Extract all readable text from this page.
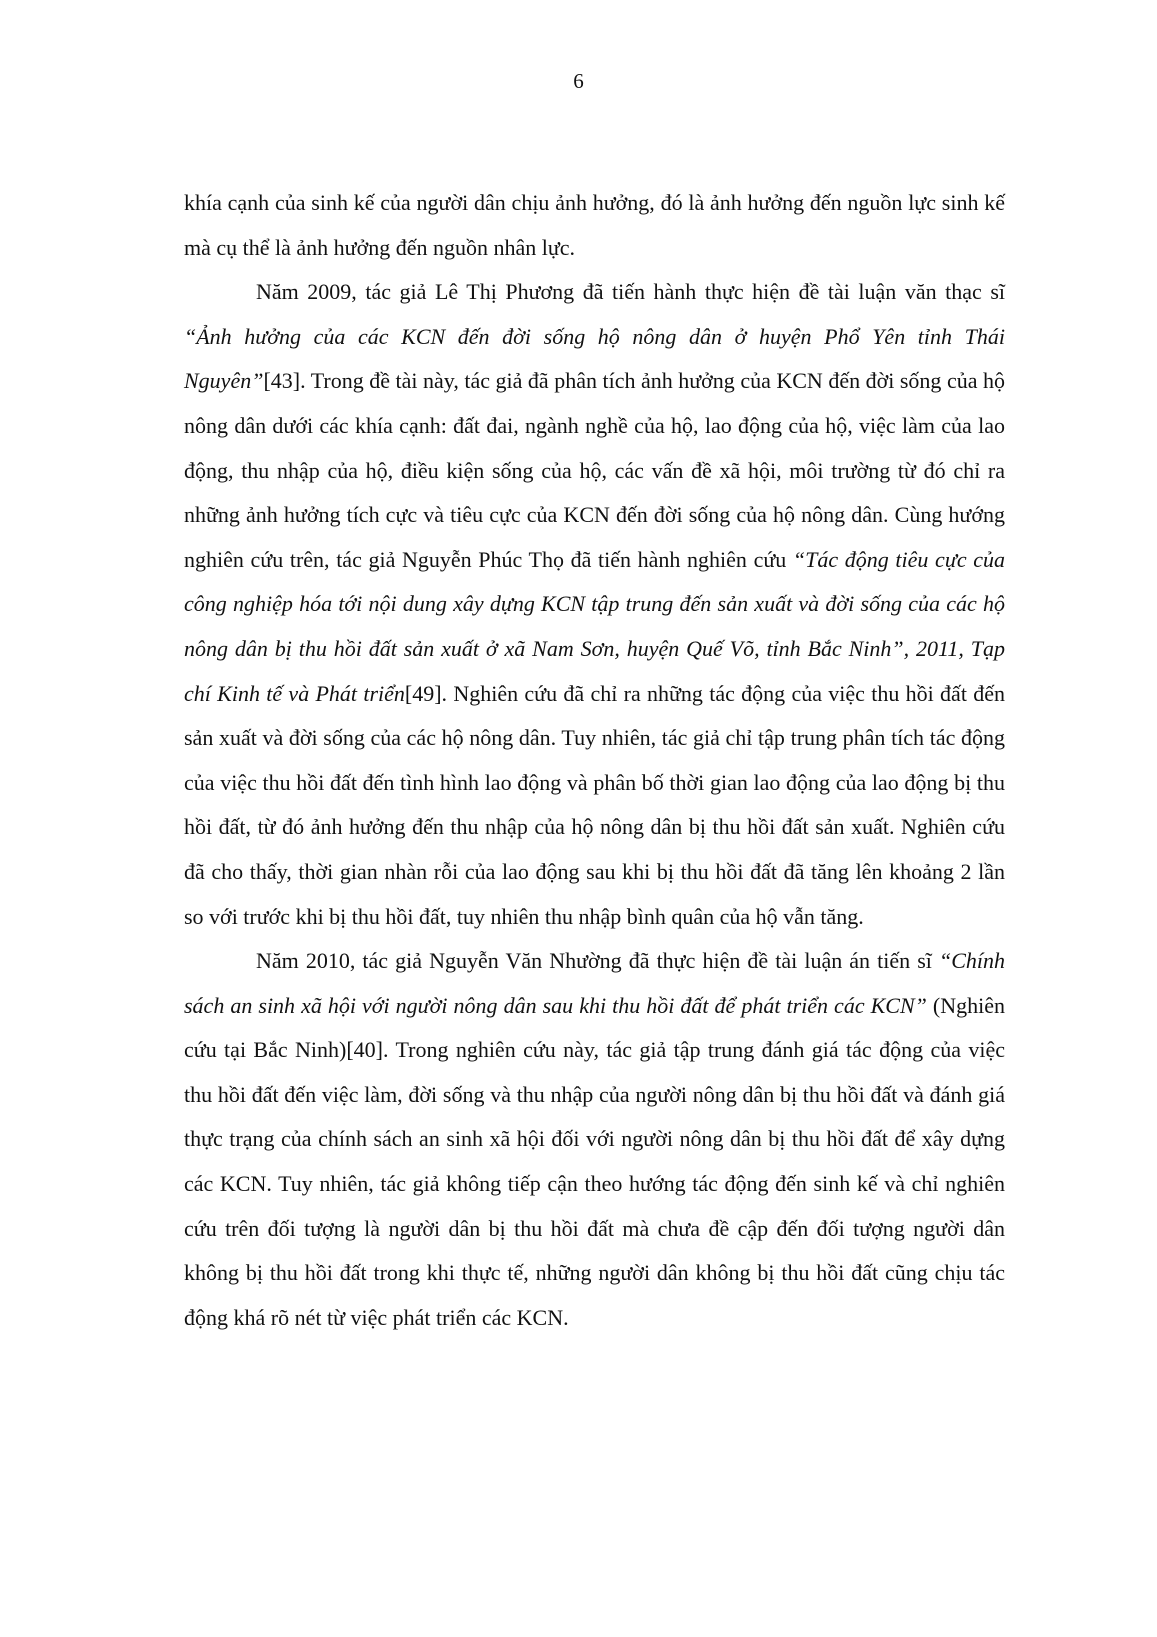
6

khía cạnh của sinh kế của người dân chịu ảnh hưởng, đó là ảnh hưởng đến nguồn lực sinh kế mà cụ thể là ảnh hưởng đến nguồn nhân lực.

Năm 2009, tác giả Lê Thị Phương đã tiến hành thực hiện đề tài luận văn thạc sĩ “Ảnh hưởng của các KCN đến đời sống hộ nông dân ở huyện Phổ Yên tỉnh Thái Nguyên”[43]. Trong đề tài này, tác giả đã phân tích ảnh hưởng của KCN đến đời sống của hộ nông dân dưới các khía cạnh: đất đai, ngành nghề của hộ, lao động của hộ, việc làm của lao động, thu nhập của hộ, điều kiện sống của hộ, các vấn đề xã hội, môi trường từ đó chỉ ra những ảnh hưởng tích cực và tiêu cực của KCN đến đời sống của hộ nông dân. Cùng hướng nghiên cứu trên, tác giả Nguyễn Phúc Thọ đã tiến hành nghiên cứu “Tác động tiêu cực của công nghiệp hóa tới nội dung xây dựng KCN tập trung đến sản xuất và đời sống của các hộ nông dân bị thu hồi đất sản xuất ở xã Nam Sơn, huyện Quế Võ, tỉnh Bắc Ninh”, 2011, Tạp chí Kinh tế và Phát triển[49]. Nghiên cứu đã chỉ ra những tác động của việc thu hồi đất đến sản xuất và đời sống của các hộ nông dân. Tuy nhiên, tác giả chỉ tập trung phân tích tác động của việc thu hồi đất đến tình hình lao động và phân bố thời gian lao động của lao động bị thu hồi đất, từ đó ảnh hưởng đến thu nhập của hộ nông dân bị thu hồi đất sản xuất. Nghiên cứu đã cho thấy, thời gian nhàn rỗi của lao động sau khi bị thu hồi đất đã tăng lên khoảng 2 lần so với trước khi bị thu hồi đất, tuy nhiên thu nhập bình quân của hộ vẫn tăng.

Năm 2010, tác giả Nguyễn Văn Nhường đã thực hiện đề tài luận án tiến sĩ “Chính sách an sinh xã hội với người nông dân sau khi thu hồi đất để phát triển các KCN” (Nghiên cứu tại Bắc Ninh)[40]. Trong nghiên cứu này, tác giả tập trung đánh giá tác động của việc thu hồi đất đến việc làm, đời sống và thu nhập của người nông dân bị thu hồi đất và đánh giá thực trạng của chính sách an sinh xã hội đối với người nông dân bị thu hồi đất để xây dựng các KCN. Tuy nhiên, tác giả không tiếp cận theo hướng tác động đến sinh kế và chỉ nghiên cứu trên đối tượng là người dân bị thu hồi đất mà chưa đề cập đến đối tượng người dân không bị thu hồi đất trong khi thực tế, những người dân không bị thu hồi đất cũng chịu tác động khá rõ nét từ việc phát triển các KCN.
